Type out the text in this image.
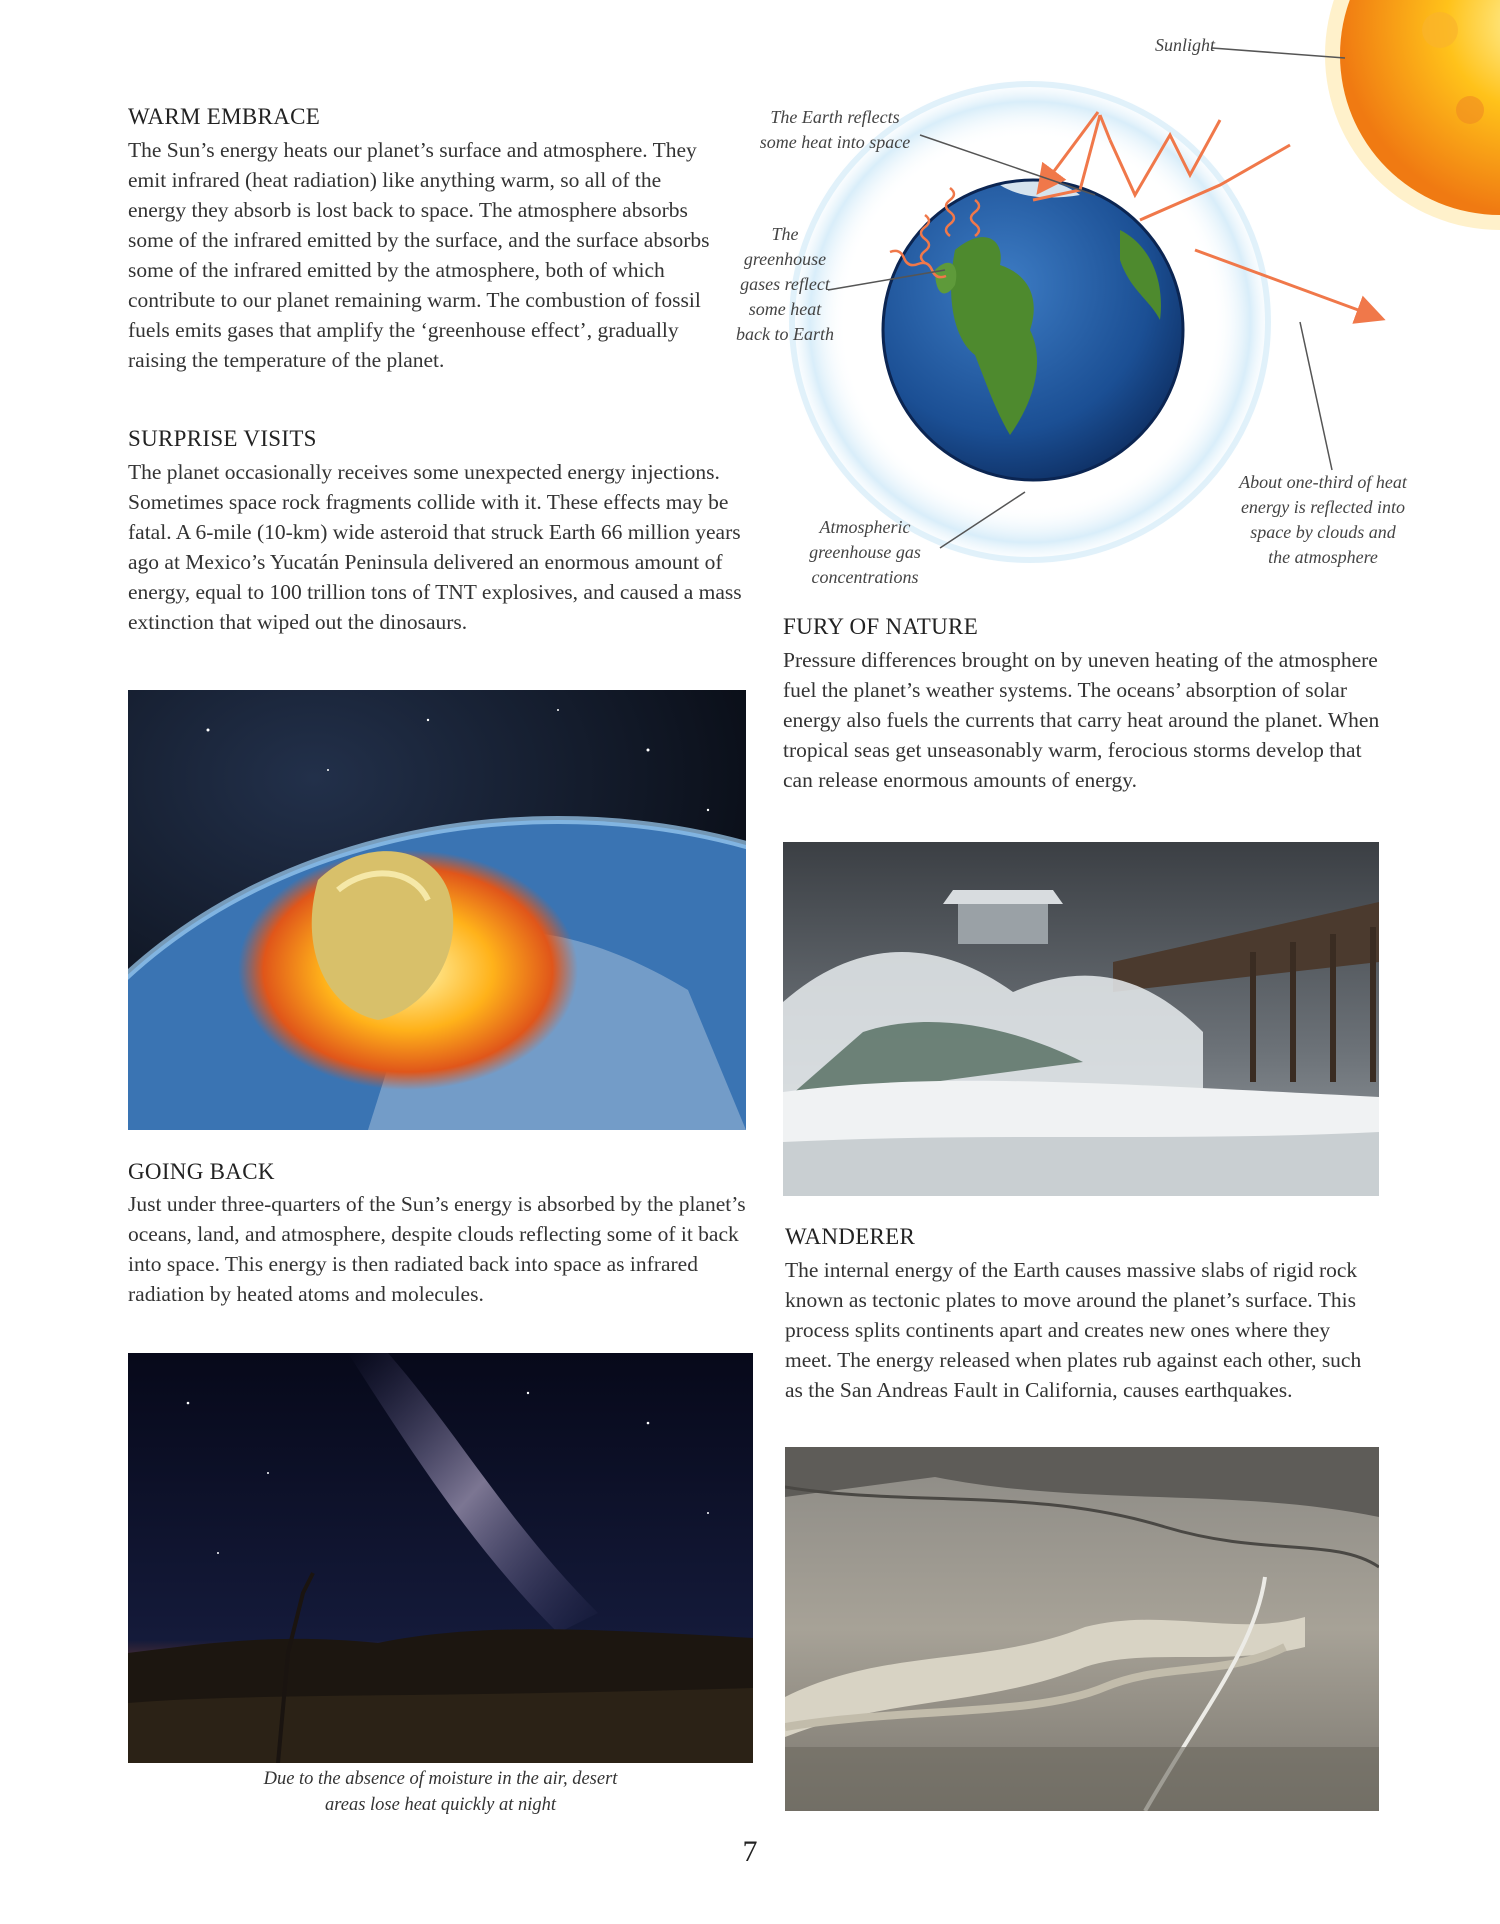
Sunlight

The Earth reflects some heat into space

The greenhouse gases reflect some heat back to Earth

Atmospheric greenhouse gas concentrations

About one-third of heat energy is reflected into space by clouds and the atmosphere

WARM EMBRACE

The Sun’s energy heats our planet’s surface and atmosphere. They emit infrared (heat radiation) like anything warm, so all of the energy they absorb is lost back to space. The atmosphere absorbs some of the infrared emitted by the surface, and the surface absorbs some of the infrared emitted by the atmosphere, both of which contribute to our planet remaining warm. The combustion of fossil fuels emits gases that amplify the ‘greenhouse effect’, gradually raising the temperature of the planet.

SURPRISE VISITS

The planet occasionally receives some unexpected energy injections. Sometimes space rock fragments collide with it. These effects may be fatal. A 6-mile (10-km) wide asteroid that struck Earth 66 million years ago at Mexico’s Yucatán Peninsula delivered an enormous amount of energy, equal to 100 trillion tons of TNT explosives, and caused a mass extinction that wiped out the dinosaurs.

GOING BACK

Just under three-quarters of the Sun’s energy is absorbed by the planet’s oceans, land, and atmosphere, despite clouds reflecting some of it back into space. This energy is then radiated back into space as infrared radiation by heated atoms and molecules.

Due to the absence of moisture in the air, desert areas lose heat quickly at night

FURY OF NATURE

Pressure differences brought on by uneven heating of the atmosphere fuel the planet’s weather systems. The oceans’ absorption of solar energy also fuels the currents that carry heat around the planet. When tropical seas get unseasonably warm, ferocious storms develop that can release enormous amounts of energy.

WANDERER

The internal energy of the Earth causes massive slabs of rigid rock known as tectonic plates to move around the planet’s surface. This process splits continents apart and creates new ones where they meet. The energy released when plates rub against each other, such as the San Andreas Fault in California, causes earthquakes.

7
